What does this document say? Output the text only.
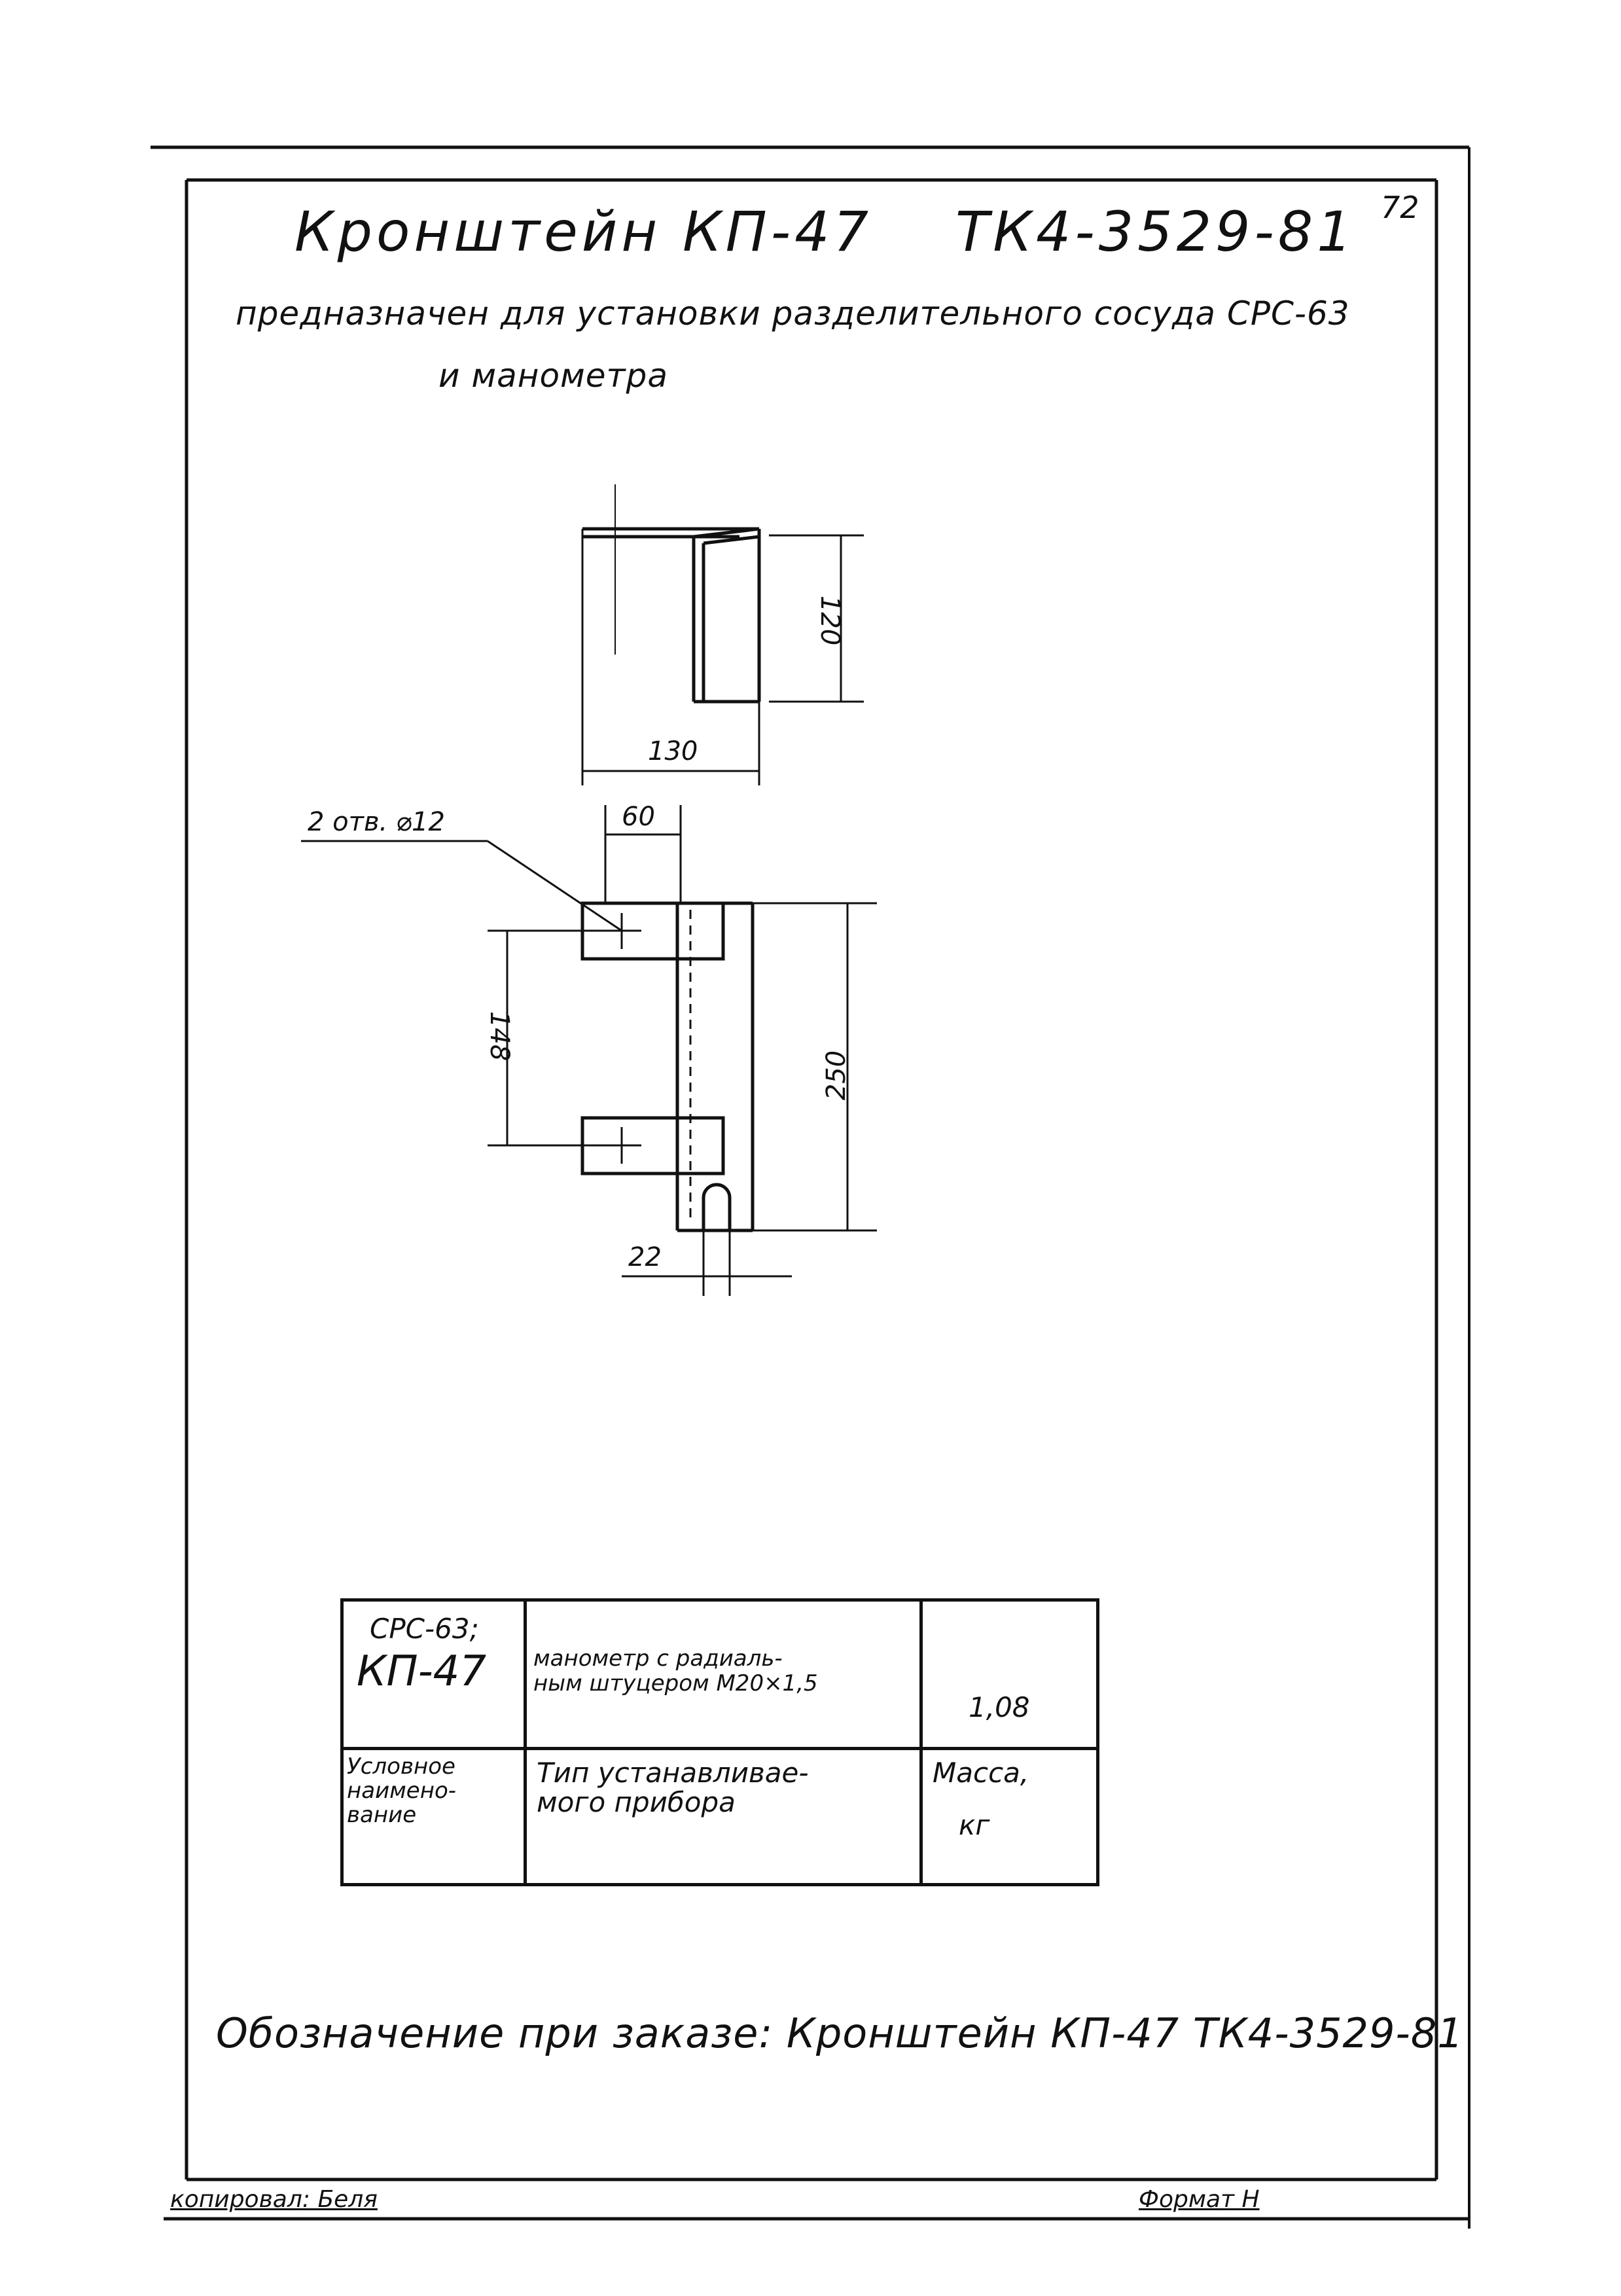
Кронштейн КП-47 ТК4-3529-81 72
предназначен для установки разделительного сосуда СРС-63
и манометра
120
130
2 отв. ⌀12	60
148
250
22
КП-47
СРС-63;
манометр с радиаль-
ным штуцером М20×1,5
1,08
Условное
наимено-
вание
Тип устанавливае-
мого прибора
Масса,
кг
Обозначение при заказе: Кронштейн КП-47 ТК4-3529-81
копировал: Беля	Формат Н
